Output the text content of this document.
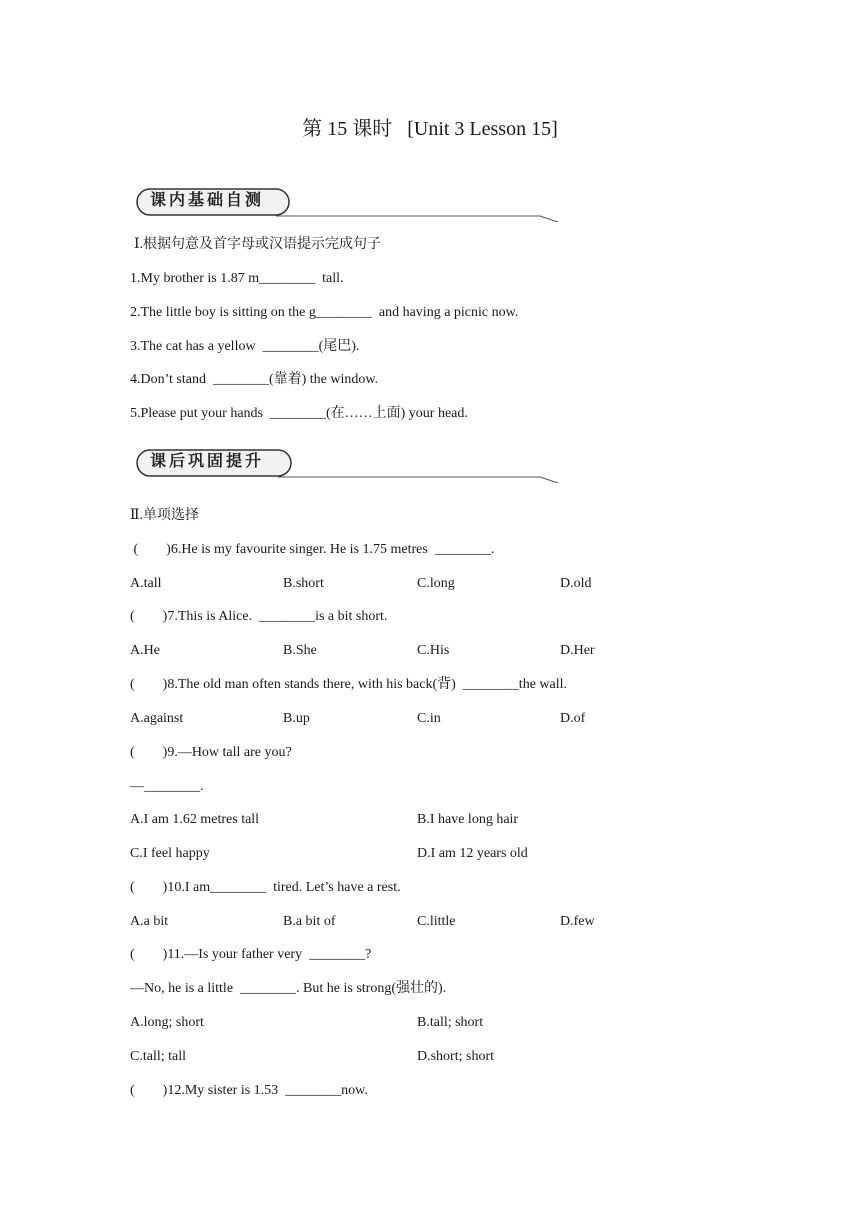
第 15 课时   [Unit 3 Lesson 15]
课内基础自测
Ⅰ.根据句意及首字母或汉语提示完成句子
1.My brother is 1.87 m________  tall.
2.The little boy is sitting on the g________  and having a picnic now.
3.The cat has a yellow  ________(尾巴).
4.Don’t stand  ________(靠着) the window.
5.Please put your hands  ________(在……上面) your head.
课后巩固提升
Ⅱ.单项选择
(        )6.He is my favourite singer. He is 1.75 metres  ________.
A.tall	B.short	C.long	D.old
(        )7.This is Alice.  ________is a bit short.
A.He	B.She	C.His	D.Her
(        )8.The old man often stands there, with his back(背)  ________the wall.
A.against	B.up	C.in	D.of
(        )9.—How tall are you?
—________.
A.I am 1.62 metres tall	B.I have long hair
C.I feel happy	D.I am 12 years old
(        )10.I am________  tired. Let’s have a rest.
A.a bit	B.a bit of	C.little	D.few
(        )11.—Is your father very  ________?
—No, he is a little  ________. But he is strong(强壮的).
A.long; short	B.tall; short
C.tall; tall	D.short; short
(        )12.My sister is 1.53  ________now.
